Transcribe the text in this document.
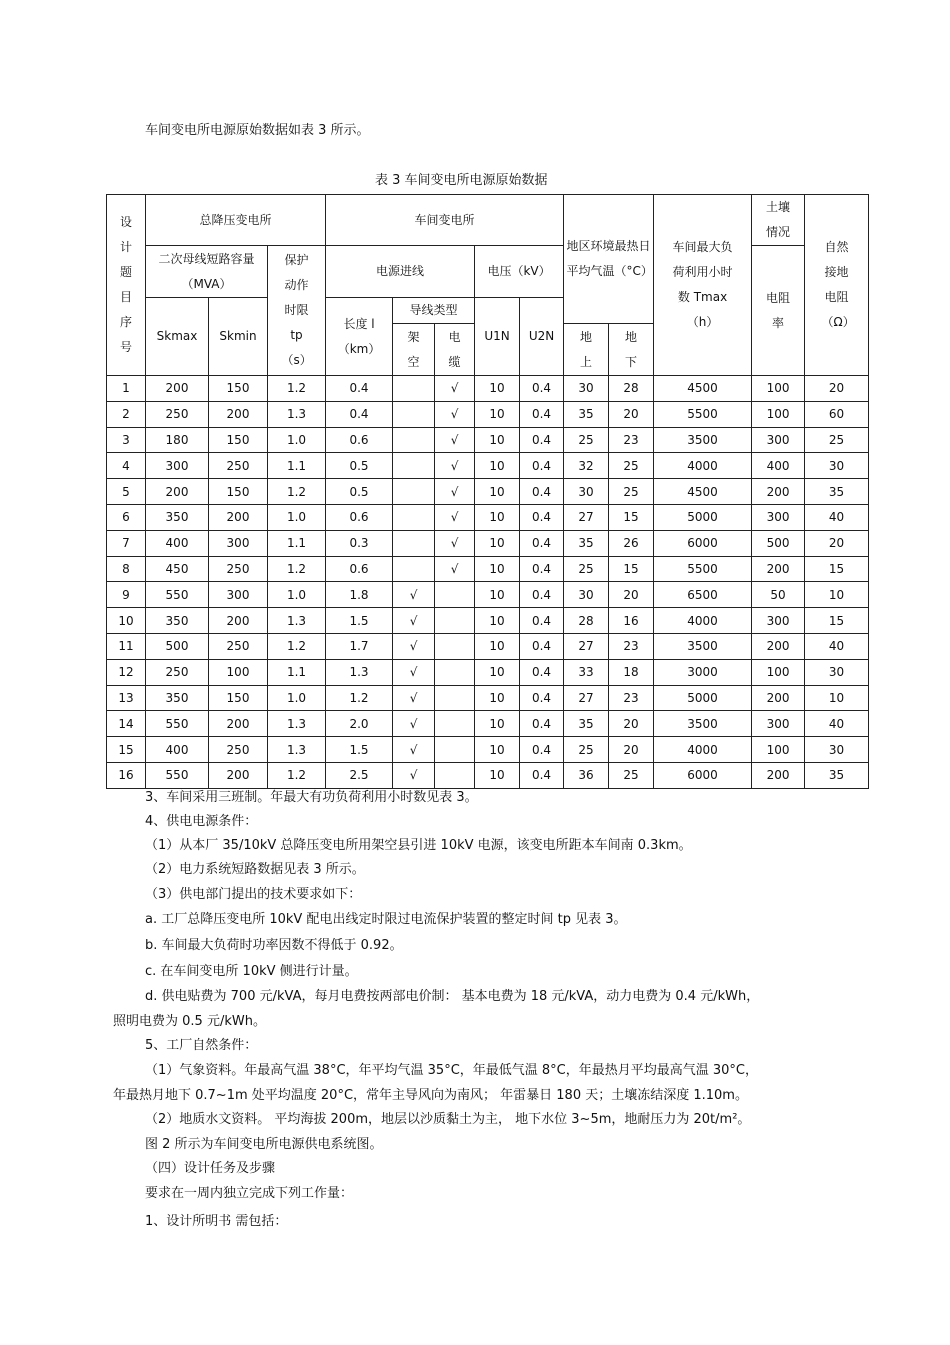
车间变电所电源原始数据如表 3 所示。
表 3 车间变电所电源原始数据
设计题目序号	总降压变电所			车间变电所					地区环境最热日平均气温（°C）		车间最大负荷利用小时数 Tmax（h）	土壤情况	自然接地电阻（Ω）
	二次母线短路容量（MVA）		保护动作时限 tp（s）	电源进线			电压（kV）					电阻率	
	Skmax	Skmin		长度 l（km）	导线类型		U1N	U2N					
					架空	电缆			地上	地下			
1	200	150	1.2	0.4		√	10	0.4	30	28	4500	100	20
2	250	200	1.3	0.4		√	10	0.4	35	20	5500	100	60
3	180	150	1.0	0.6		√	10	0.4	25	23	3500	300	25
4	300	250	1.1	0.5		√	10	0.4	32	25	4000	400	30
5	200	150	1.2	0.5		√	10	0.4	30	25	4500	200	35
6	350	200	1.0	0.6		√	10	0.4	27	15	5000	300	40
7	400	300	1.1	0.3		√	10	0.4	35	26	6000	500	20
8	450	250	1.2	0.6		√	10	0.4	25	15	5500	200	15
9	550	300	1.0	1.8	√		10	0.4	30	20	6500	50	10
10	350	200	1.3	1.5	√		10	0.4	28	16	4000	300	15
11	500	250	1.2	1.7	√		10	0.4	27	23	3500	200	40
12	250	100	1.1	1.3	√		10	0.4	33	18	3000	100	30
13	350	150	1.0	1.2	√		10	0.4	27	23	5000	200	10
14	550	200	1.3	2.0	√		10	0.4	35	20	3500	300	40
15	400	250	1.3	1.5	√		10	0.4	25	20	4000	100	30
16	550	200	1.2	2.5	√		10	0.4	36	25	6000	200	35
3、车间采用三班制。年最大有功负荷利用小时数见表 3。
4、供电电源条件：
（1）从本厂 35/10kV 总降压变电所用架空县引进 10kV 电源，该变电所距本车间南 0.3km。
（2）电力系统短路数据见表 3 所示。
（3）供电部门提出的技术要求如下：
a. 工厂总降压变电所 10kV 配电出线定时限过电流保护装置的整定时间 tp 见表 3。
b. 车间最大负荷时功率因数不得低于 0.92。
c. 在车间变电所 10kV 侧进行计量。
d. 供电贴费为 700 元/kVA，每月电费按两部电价制： 基本电费为 18 元/kVA，动力电费为 0.4 元/kWh，
照明电费为 0.5 元/kWh。
5、工厂自然条件：
（1）气象资料。年最高气温 38°C，年平均气温 35°C，年最低气温 8°C，年最热月平均最高气温 30°C，
年最热月地下 0.7~1m 处平均温度 20°C，常年主导风向为南风； 年雷暴日 180 天；土壤冻结深度 1.10m。
（2）地质水文资料。 平均海拔 200m，地层以沙质黏土为主， 地下水位 3~5m，地耐压力为 20t/m²。
图 2 所示为车间变电所电源供电系统图。
（四）设计任务及步骤
要求在一周内独立完成下列工作量：
1、设计所明书 需包括：
